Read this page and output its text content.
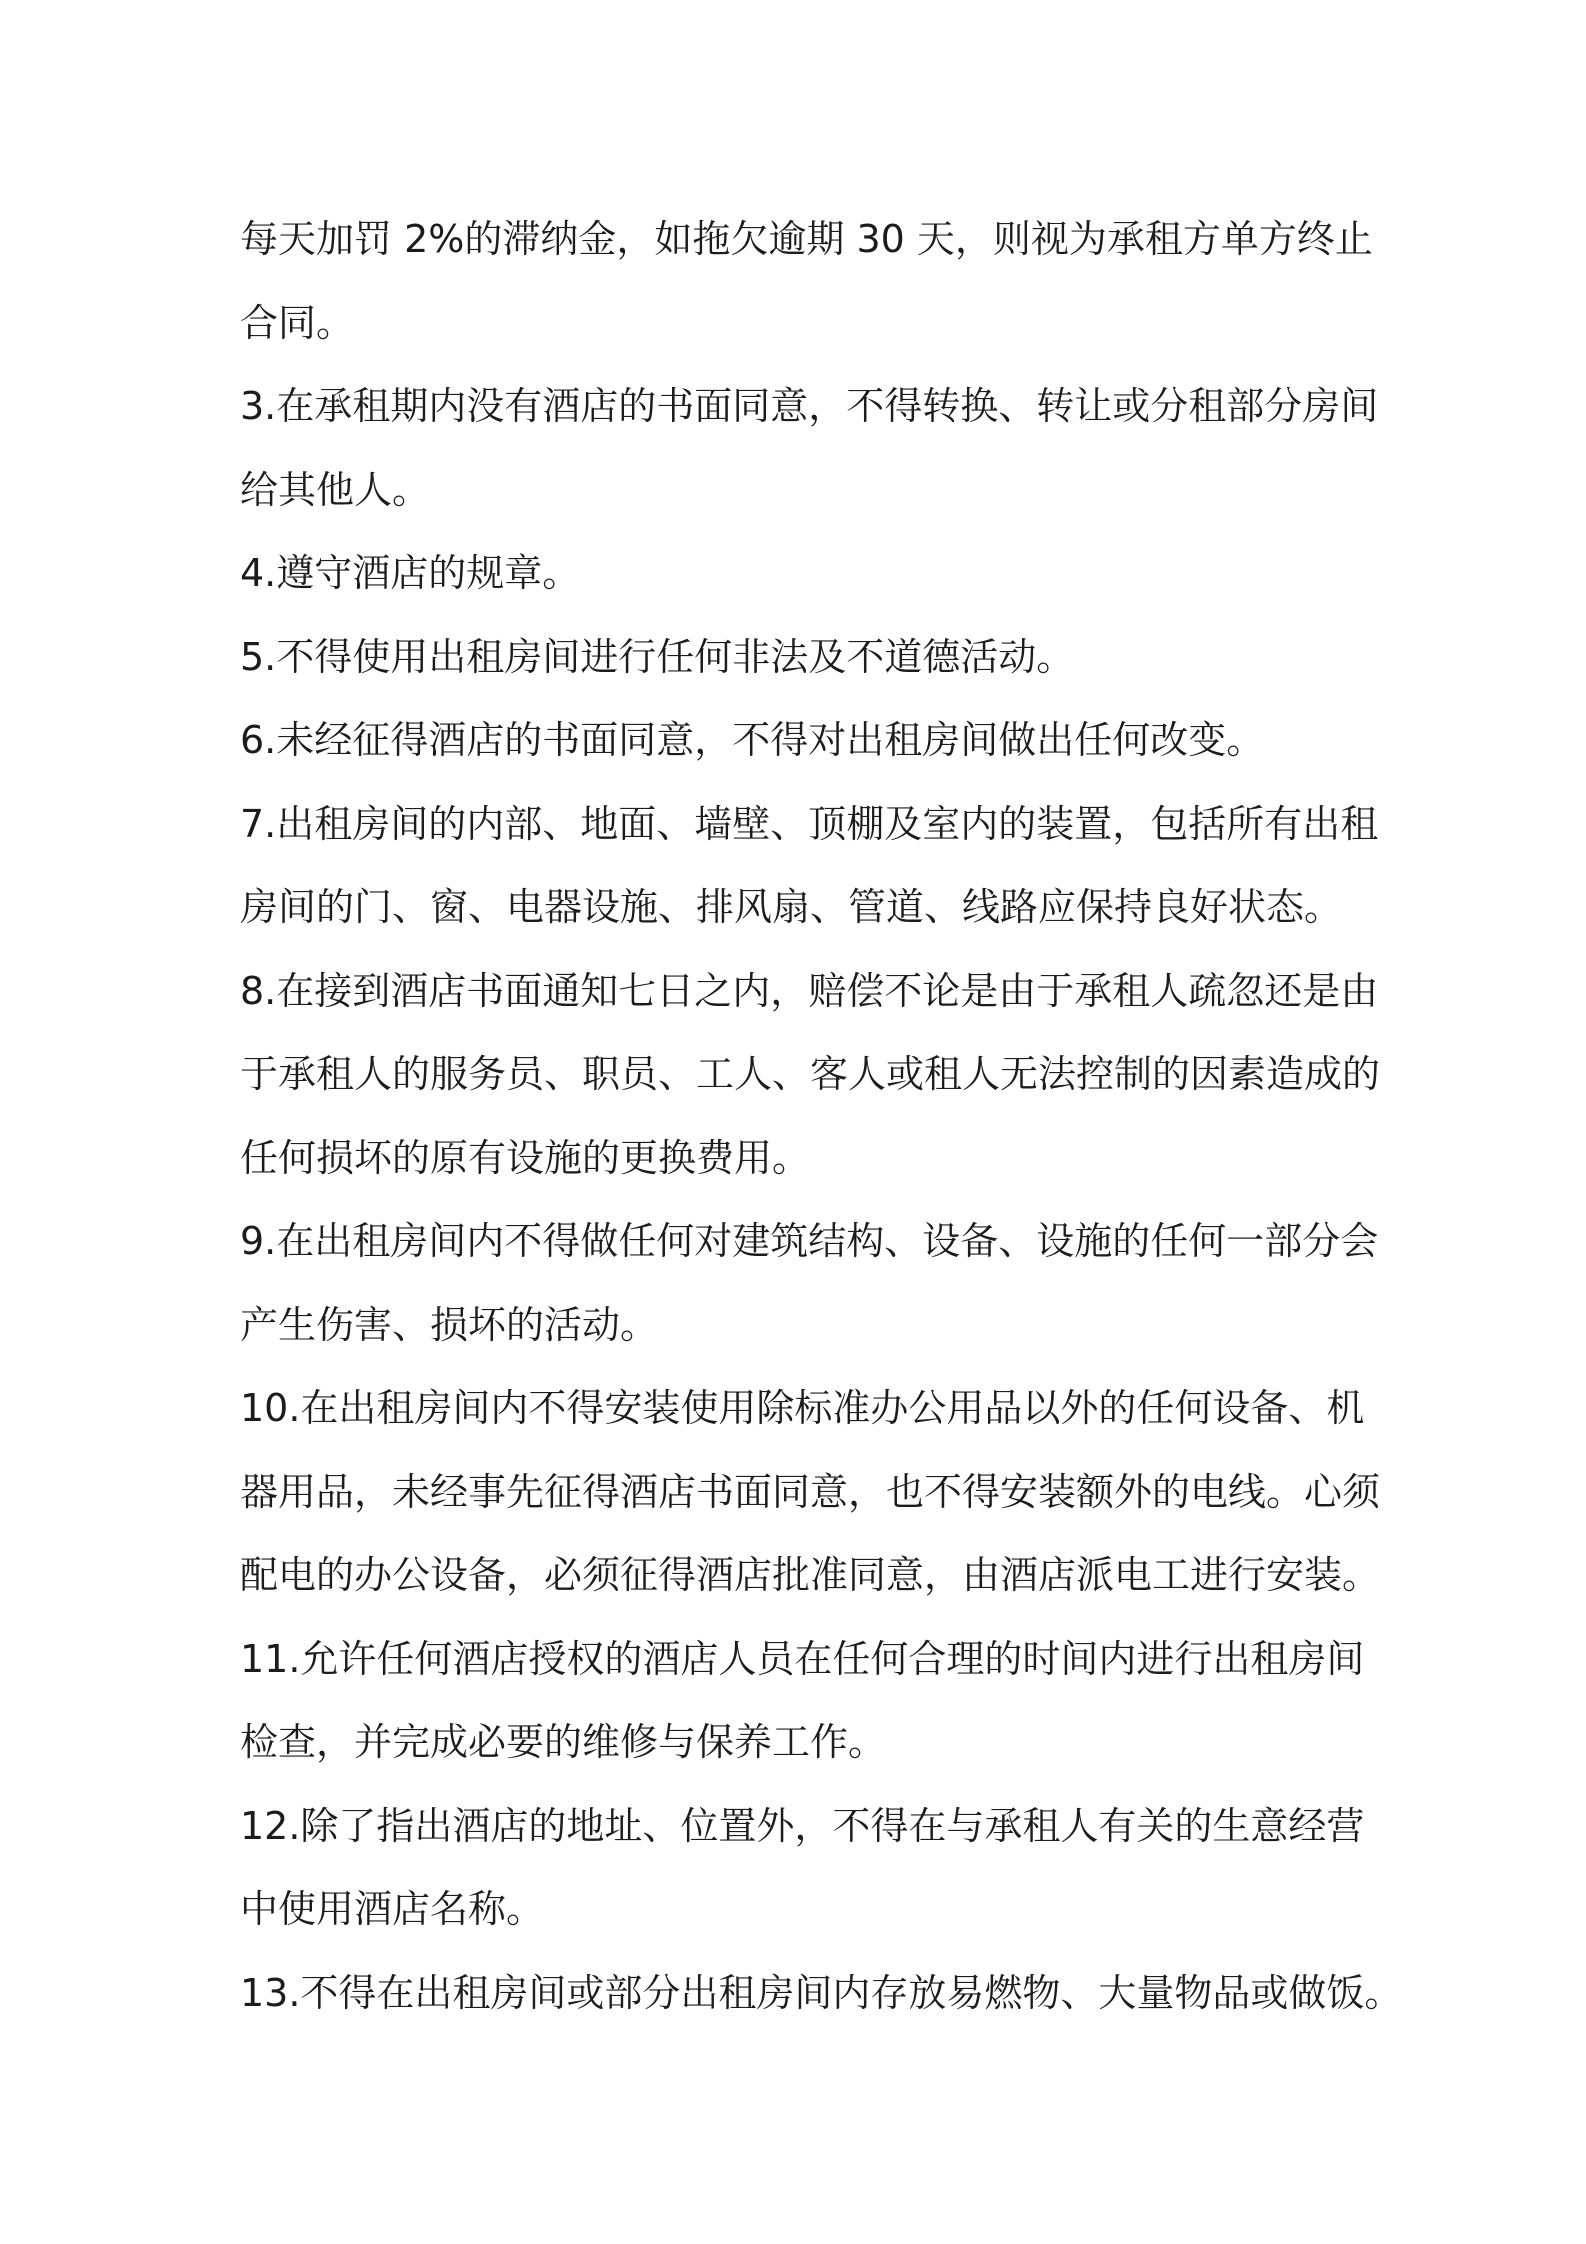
每天加罚 2%的滞纳金，如拖欠逾期 30 天，则视为承租方单方终止

合同。

3.在承租期内没有酒店的书面同意，不得转换、转让或分租部分房间

给其他人。

4.遵守酒店的规章。

5.不得使用出租房间进行任何非法及不道德活动。

6.未经征得酒店的书面同意，不得对出租房间做出任何改变。

7.出租房间的内部、地面、墙壁、顶棚及室内的装置，包括所有出租

房间的门、窗、电器设施、排风扇、管道、线路应保持良好状态。

8.在接到酒店书面通知七日之内，赔偿不论是由于承租人疏忽还是由

于承租人的服务员、职员、工人、客人或租人无法控制的因素造成的

任何损坏的原有设施的更换费用。

9.在出租房间内不得做任何对建筑结构、设备、设施的任何一部分会

产生伤害、损坏的活动。

10.在出租房间内不得安装使用除标准办公用品以外的任何设备、机

器用品，未经事先征得酒店书面同意，也不得安装额外的电线。心须

配电的办公设备，必须征得酒店批准同意，由酒店派电工进行安装。

11.允许任何酒店授权的酒店人员在任何合理的时间内进行出租房间

检查，并完成必要的维修与保养工作。

12.除了指出酒店的地址、位置外，不得在与承租人有关的生意经营

中使用酒店名称。

13.不得在出租房间或部分出租房间内存放易燃物、大量物品或做饭。
